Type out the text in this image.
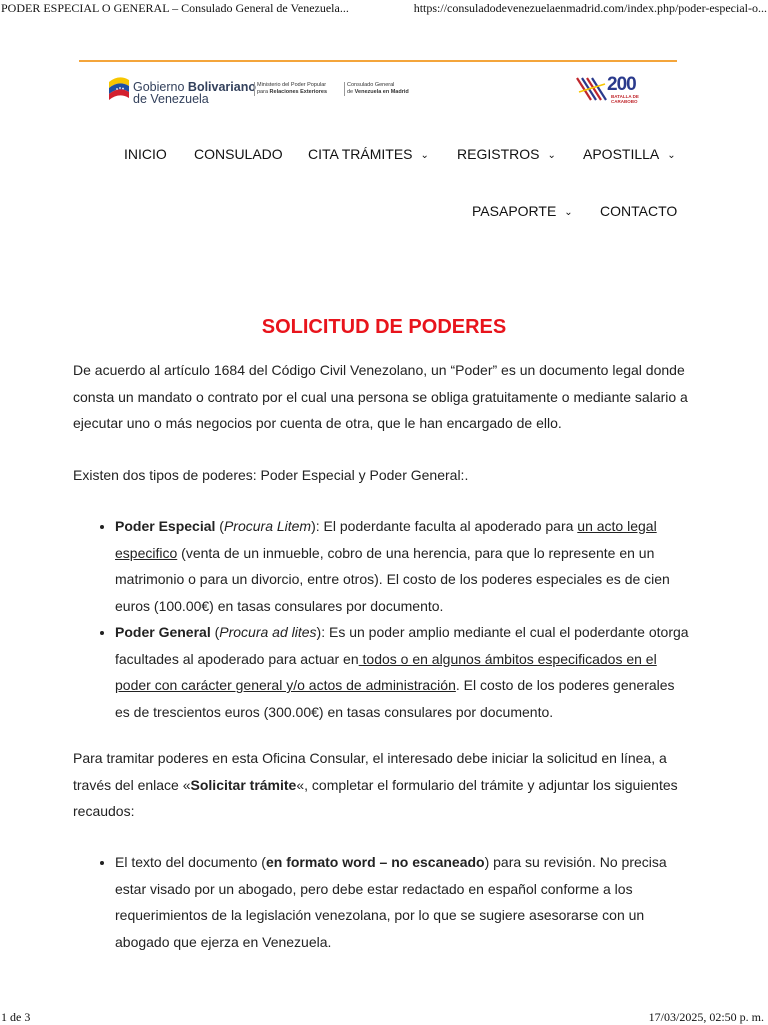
PODER ESPECIAL O GENERAL – Consulado General de Venezuela...	https://consuladodevenezuelaenmadrid.com/index.php/poder-especial-o...
Gobierno Bolivariano
de Venezuela
Ministerio del Poder Popular
para Relaciones Exteriores
Consulado General
de Venezuela en Madrid	200
BATALLA DE
CARABOBO
INICIO CONSULADO CITA TRÁMITES ⌄ REGISTROS ⌄ APOSTILLA ⌄
PASAPORTE ⌄ CONTACTO
SOLICITUD DE PODERES

De acuerdo al artículo 1684 del Código Civil Venezolano, un “Poder” es un documento legal donde consta un mandato o contrato por el cual una persona se obliga gratuitamente o mediante salario a ejecutar uno o más negocios por cuenta de otra, que le han encargado de ello.

Existen dos tipos de poderes: Poder Especial y Poder General:.

• Poder Especial (Procura Litem): El poderdante faculta al apoderado para un acto legal especifico (venta de un inmueble, cobro de una herencia, para que lo represente en un matrimonio o para un divorcio, entre otros). El costo de los poderes especiales es de cien euros (100.00€) en tasas consulares por documento.
• Poder General (Procura ad lites): Es un poder amplio mediante el cual el poderdante otorga facultades al apoderado para actuar en todos o en algunos ámbitos especificados en el poder con carácter general y/o actos de administración. El costo de los poderes generales es de trescientos euros (300.00€) en tasas consulares por documento.

Para tramitar poderes en esta Oficina Consular, el interesado debe iniciar la solicitud en línea, a través del enlace «Solicitar trámite«, completar el formulario del trámite y adjuntar los siguientes recaudos:

• El texto del documento (en formato word – no escaneado) para su revisión. No precisa estar visado por un abogado, pero debe estar redactado en español conforme a los requerimientos de la legislación venezolana, por lo que se sugiere asesorarse con un abogado que ejerza en Venezuela.
1 de 3	17/03/2025, 02:50 p. m.
